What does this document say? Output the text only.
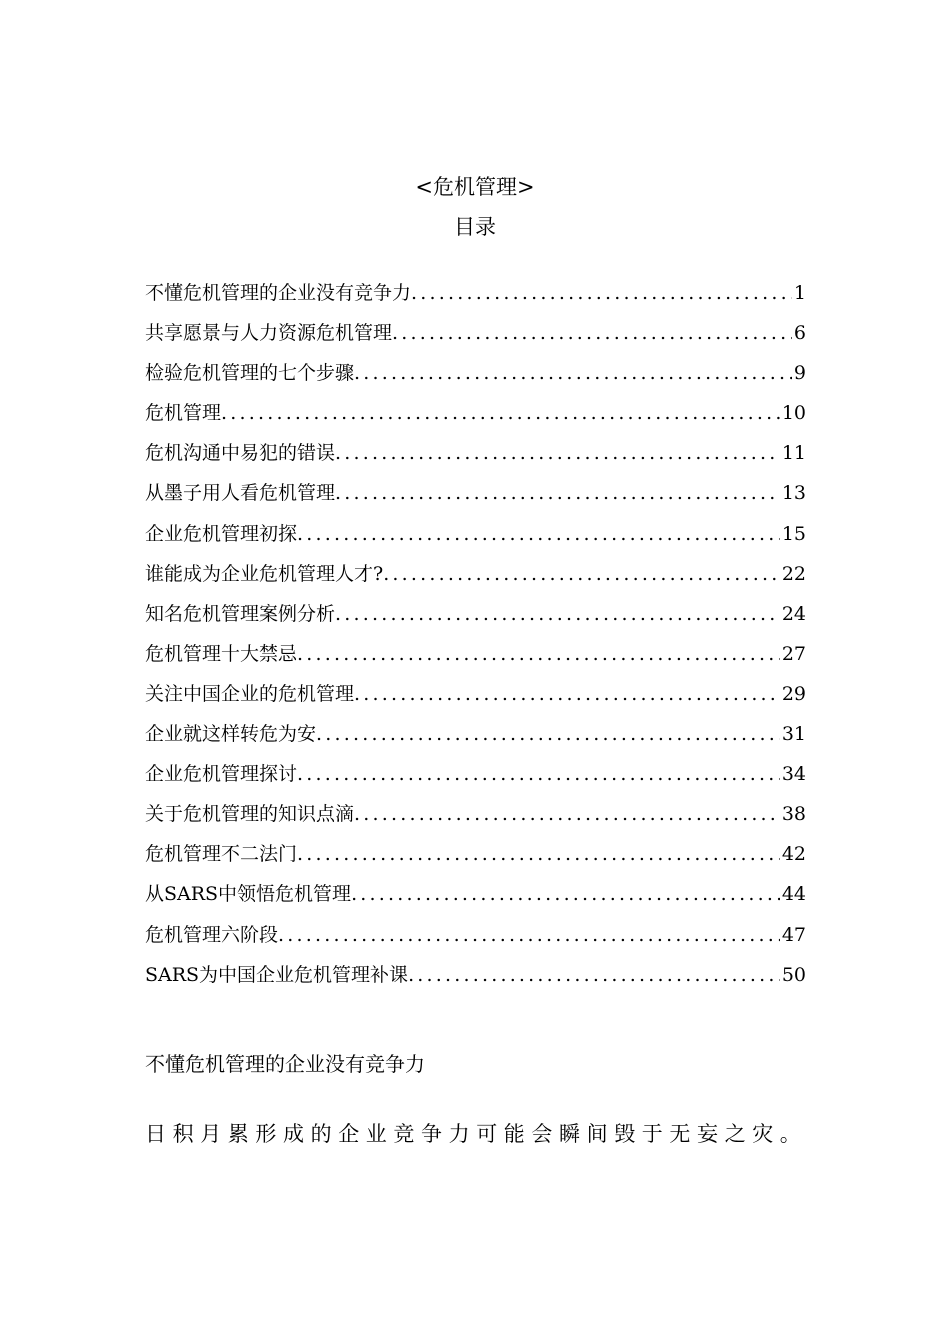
<危机管理>
目录
不懂危机管理的企业没有竞争力 .....	1
共享愿景与人力资源危机管理 .....	6
检验危机管理的七个步骤 .....	9
危机管理 .....	10
危机沟通中易犯的错误 .....	11
从墨子用人看危机管理 .....	13
企业危机管理初探 .....	15
谁能成为企业危机管理人才? .....	22
知名危机管理案例分析 .....	24
危机管理十大禁忌 .....	27
关注中国企业的危机管理 .....	29
企业就这样转危为安 .....	31
企业危机管理探讨 .....	34
关于危机管理的知识点滴 .....	38
危机管理不二法门 .....	42
从SARS中领悟危机管理 .....	44
危机管理六阶段 .....	47
SARS为中国企业危机管理补课 .....	50
不懂危机管理的企业没有竞争力

日积月累形成的企业竞争力可能会瞬间毁于无妄之灾。
